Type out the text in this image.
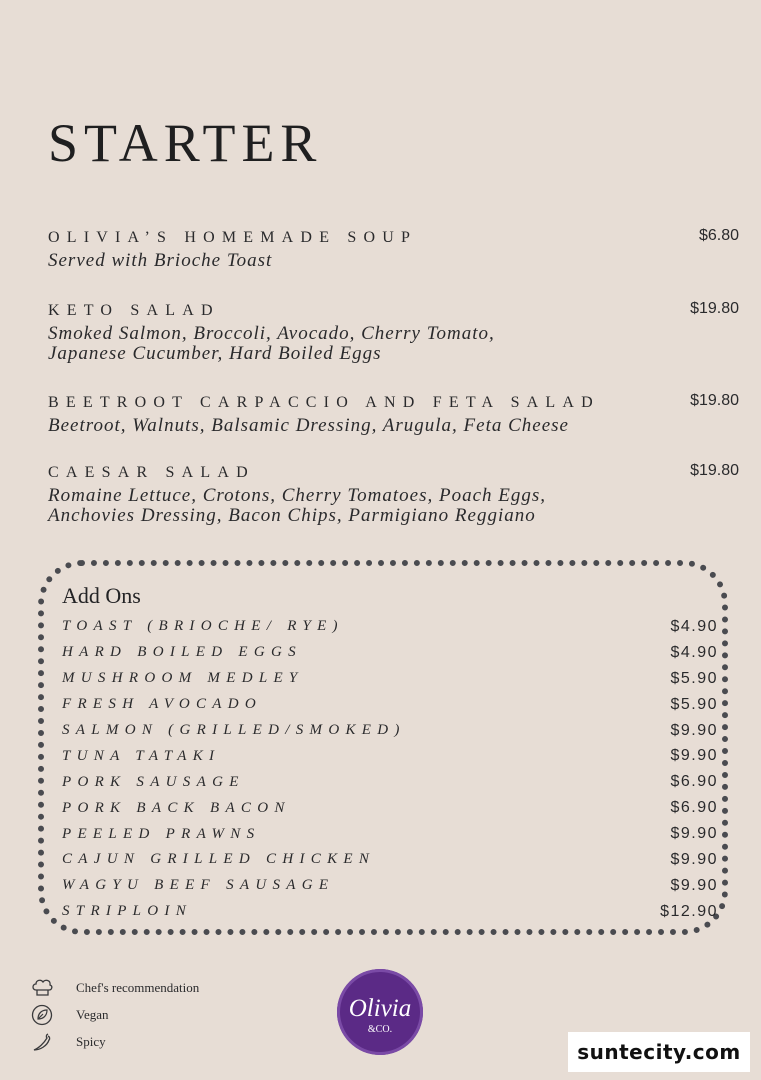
STARTER
OLIVIA’S HOMEMADE SOUP
Served with Brioche Toast
$6.80
KETO SALAD
Smoked Salmon, Broccoli, Avocado, Cherry Tomato,
Japanese Cucumber, Hard Boiled Eggs
$19.80
BEETROOT CARPACCIO AND FETA SALAD
Beetroot, Walnuts, Balsamic Dressing, Arugula, Feta Cheese
$19.80
CAESAR SALAD
Romaine Lettuce, Crotons, Cherry Tomatoes, Poach Eggs,
Anchovies Dressing, Bacon Chips, Parmigiano Reggiano
$19.80
Add Ons
TOAST (BRIOCHE/ RYE)	$4.90
HARD BOILED EGGS	$4.90
MUSHROOM MEDLEY	$5.90
FRESH AVOCADO	$5.90
SALMON (GRILLED/SMOKED)	$9.90
TUNA TATAKI	$9.90
PORK SAUSAGE	$6.90
PORK BACK BACON	$6.90
PEELED PRAWNS	$9.90
CAJUN GRILLED CHICKEN	$9.90
WAGYU BEEF SAUSAGE	$9.90
STRIPLOIN	$12.90
Chef's recommendation
Vegan
Spicy
Olivia
&CO.
suntecity.com
